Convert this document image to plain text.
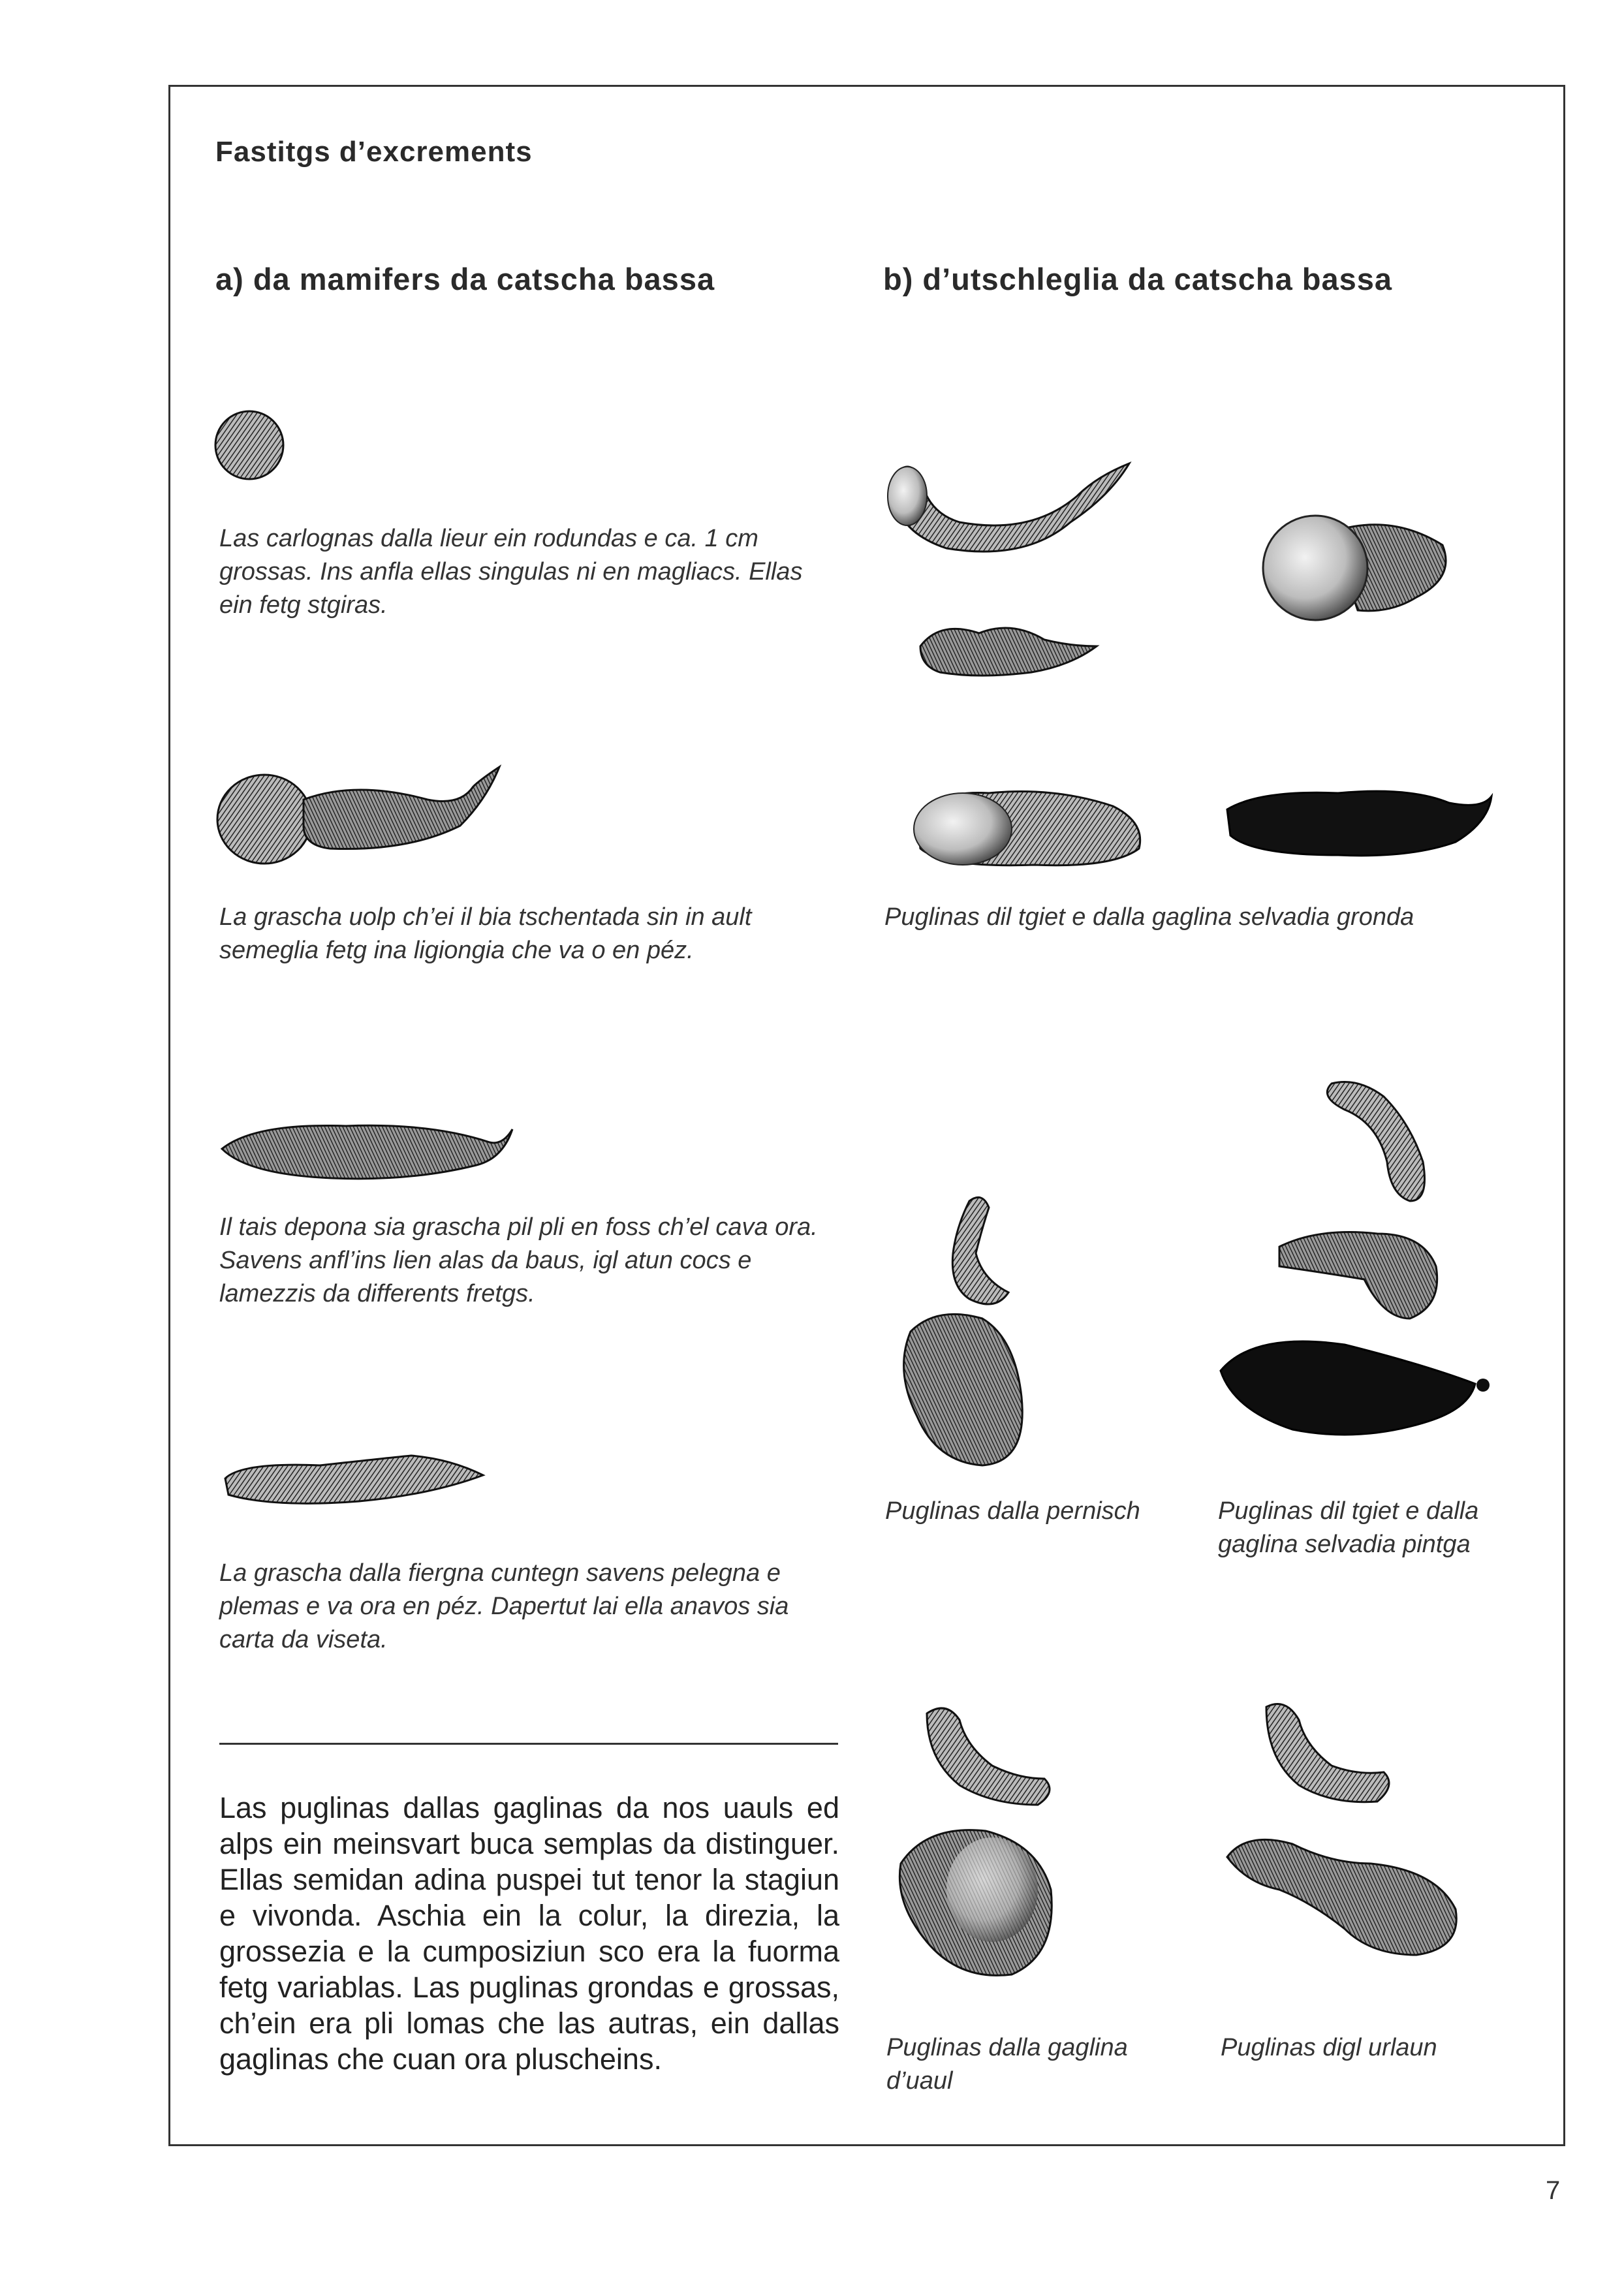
Fastitgs d’excrements
a) da mamifers da catscha bassa	b) d’utschleglia da catscha bassa

Las carlognas dalla lieur ein rodundas e ca. 1 cm grossas. Ins anfla ellas singulas ni en magliacs. Ellas ein fetg stgiras.

La grascha uolp ch’ei il bia tschentada sin in ault semeglia fetg ina ligiongia che va o en péz.

Il tais depona sia grascha pil pli en foss ch’el cava ora. Savens anfl’ins lien alas da baus, igl atun cocs e lamezzis da differents fretgs.

La grascha dalla fiergna cuntegn savens pelegna e plemas e va ora en péz. Dapertut lai ella anavos sia carta da viseta.

Las puglinas dallas gaglinas da nos uauls ed alps ein meinsvart buca semplas da distinguer. Ellas semidan adina puspei tut tenor la stagiun e vivonda. Aschia ein la colur, la direzia, la grossezia e la cumposiziun sco era la fuorma fetg variablas. Las puglinas grondas e grossas, ch’ein era pli lomas che las autras, ein dallas gaglinas che cuan ora pluscheins.

Puglinas dil tgiet e dalla gaglina selvadia gronda

Puglinas dalla pernisch	Puglinas dil tgiet e dalla gaglina selvadia pintga

Puglinas dalla gaglina d’uaul

Puglinas digl urlaun

7
